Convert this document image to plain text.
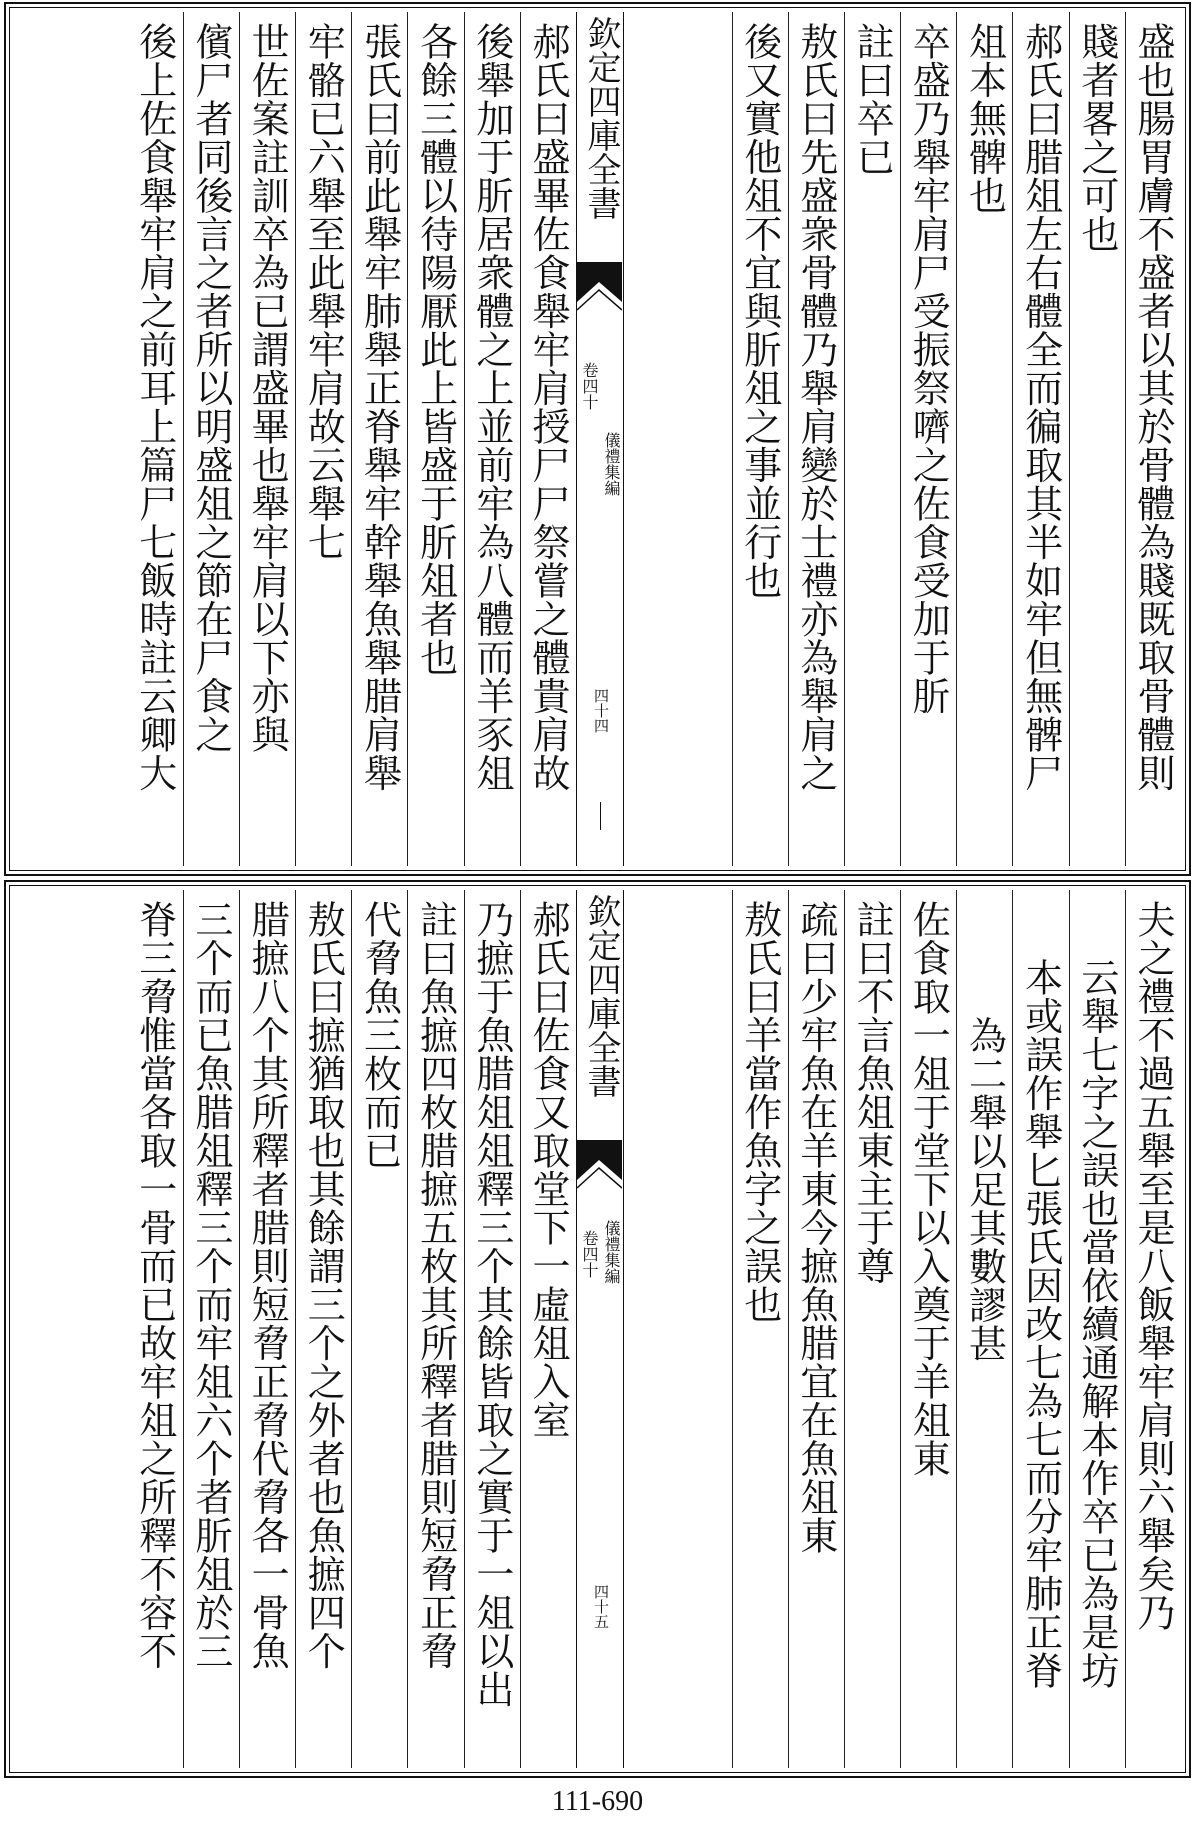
盛也腸胃膚不盛者以其於骨體為賤既取骨體則
賤者畧之可也
郝氏曰腊俎左右體全而徧取其半如牢但無髀尸
俎本無髀也
卒盛乃舉牢肩尸受振祭嚌之佐食受加于肵
註曰卒已
敖氏曰先盛衆骨體乃舉肩變於士禮亦為舉肩之
後又實他俎不宜與肵俎之事並行也
欽定四庫全書
儀禮集編
卷四十
四十四
郝氏曰盛畢佐食舉牢肩授尸尸祭嘗之體貴肩故
後舉加于肵居衆體之上並前牢為八體而羊豕俎
各餘三體以待陽厭此上皆盛于肵俎者也
張氏曰前此舉牢肺舉正脊舉牢幹舉魚舉腊肩舉
牢骼已六舉至此舉牢肩故云舉七
世佐案註訓卒為已謂盛畢也舉牢肩以下亦與
儐尸者同後言之者所以明盛俎之節在尸食之
後上佐食舉牢肩之前耳上篇尸七飯時註云卿大
夫之禮不過五舉至是八飯舉牢肩則六舉矣乃
云舉七字之誤也當依續通解本作卒已為是坊
本或誤作舉匕張氏因改七為七而分牢肺正脊
為二舉以足其數謬甚
佐食取一俎于堂下以入奠于羊俎東
註曰不言魚俎東主于尊
疏曰少牢魚在羊東今摭魚腊宜在魚俎東
敖氏曰羊當作魚字之誤也
欽定四庫全書
儀禮集編
卷四十
四十五
郝氏曰佐食又取堂下一虛俎入室
乃摭于魚腊俎俎釋三个其餘皆取之實于一俎以出
註曰魚摭四枚腊摭五枚其所釋者腊則短脅正脅
代脅魚三枚而已
敖氏曰摭猶取也其餘謂三个之外者也魚摭四个
腊摭八个其所釋者腊則短脅正脅代脅各一骨魚
三个而已魚腊俎釋三个而牢俎六个者肵俎於三
脊三脅惟當各取一骨而已故牢俎之所釋不容不
111-690
